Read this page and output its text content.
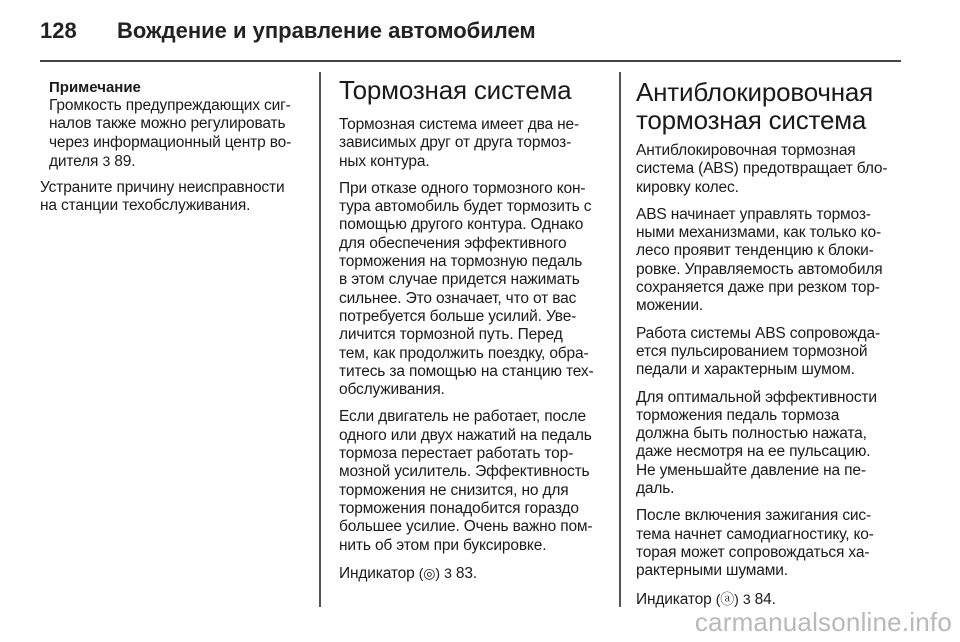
128 Вождение и управление автомобилем
Примечание

Громкость предупреждающих сиг-
налов также можно регулировать
через информационный центр во-
дителя 3 89.

Устраните причину неисправности
на станции техобслуживания.

Тормозная система

Тормозная система имеет два не-
зависимых друг от друга тормоз-
ных контура.

При отказе одного тормозного кон-
тура автомобиль будет тормозить с
помощью другого контура. Однако
для обеспечения эффективного
торможения на тормозную педаль
в этом случае придется нажимать
сильнее. Это означает, что от вас
потребуется больше усилий. Уве-
личится тормозной путь. Перед
тем, как продолжить поездку, обра-
титесь за помощью на станцию тех-
обслуживания.

Если двигатель не работает, после
одного или двух нажатий на педаль
тормоза перестает работать тор-
мозной усилитель. Эффективность
торможения не снизится, но для
торможения понадобится гораздо
большее усилие. Очень важно пом-
нить об этом при буксировке.

Индикатор (◎) 3 83.

Антиблокировочная
тормозная система

Антиблокировочная тормозная
система (ABS) предотвращает бло-
кировку колес.

ABS начинает управлять тормоз-
ными механизмами, как только ко-
лесо проявит тенденцию к блоки-
ровке. Управляемость автомобиля
сохраняется даже при резком тор-
можении.

Работа системы ABS сопровожда-
ется пульсированием тормозной
педали и характерным шумом.

Для оптимальной эффективности
торможения педаль тормоза
должна быть полностью нажата,
даже несмотря на ее пульсацию.
Не уменьшайте давление на пе-
даль.

После включения зажигания сис-
тема начнет самодиагностику, ко-
торая может сопровождаться ха-
рактерными шумами.

Индикатор (ⓐ) 3 84.

carmanualsonline.info
